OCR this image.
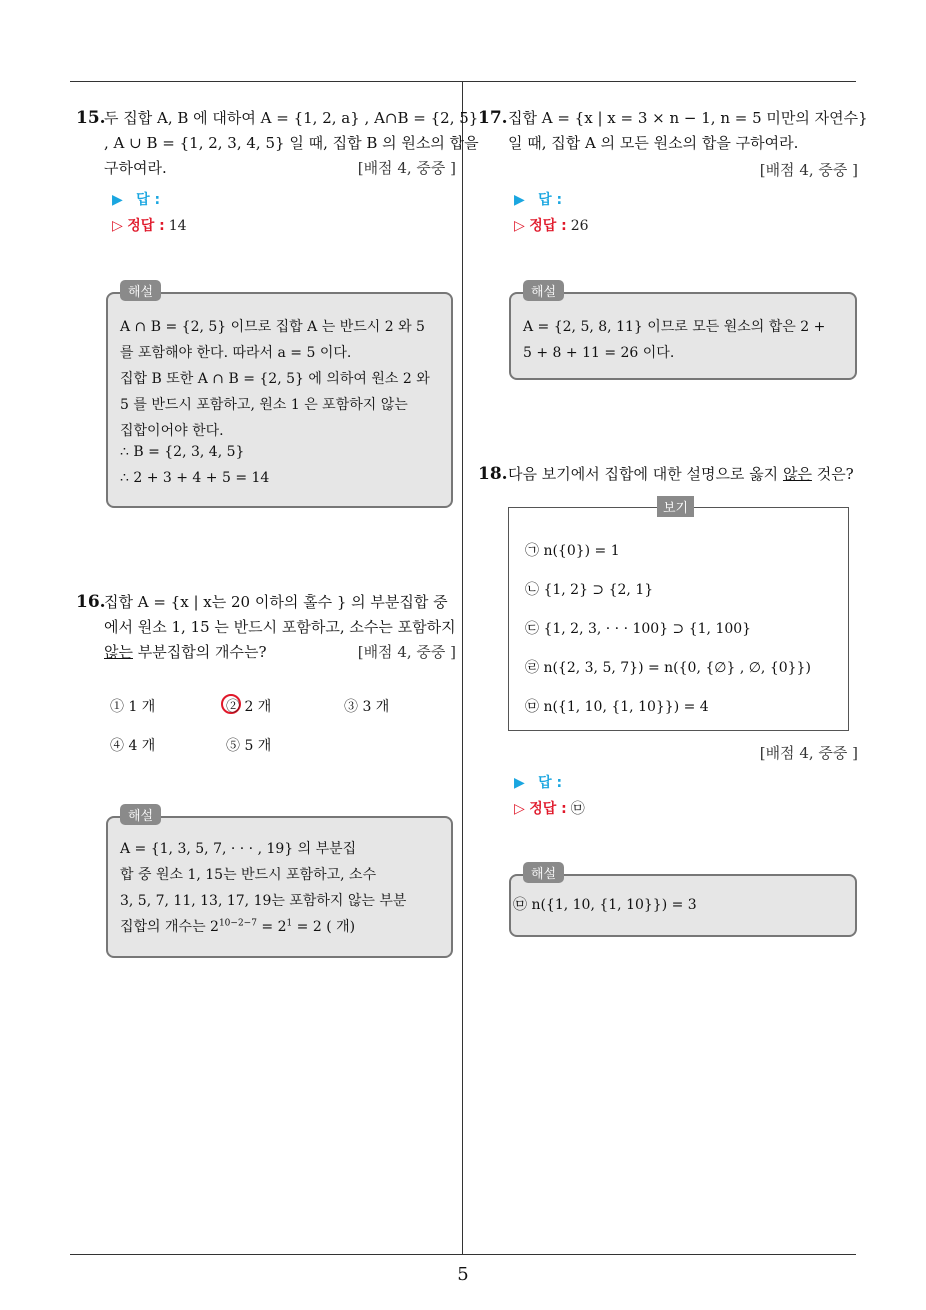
5
15.
두 집합 A, B 에 대하여 A = {1, 2, a} , A∩B = {2, 5}
, A ∪ B = {1, 2, 3, 4, 5} 일 때, 집합 B 의 원소의 합을
구하여라.	[배점 4, 중중 ]
▶ 답 :
▷ 정답 : 14
해설
A ∩ B = {2, 5} 이므로 집합 A 는 반드시 2 와 5
를 포함해야 한다. 따라서 a = 5 이다.
집합 B 또한 A ∩ B = {2, 5} 에 의하여 원소 2 와
5 를 반드시 포함하고, 원소 1 은 포함하지 않는
집합이어야 한다.
∴ B = {2, 3, 4, 5}
∴ 2 + 3 + 4 + 5 = 14
16.
집합 A = {x | x는 20 이하의 홀수 } 의 부분집합 중
에서 원소 1, 15 는 반드시 포함하고, 소수는 포함하지
않는 부분집합의 개수는?	[배점 4, 중중 ]
① 1 개	② 2 개	③ 3 개
④ 4 개	⑤ 5 개
해설
A = {1, 3, 5, 7, · · · , 19} 의 부분집
합 중 원소 1, 15는 반드시 포함하고, 소수
3, 5, 7, 11, 13, 17, 19는 포함하지 않는 부분
집합의 개수는 $2^{10-2-7} = 2^1 = 2$ ( 개)
17. 집합 A = {x | x = 3 × n − 1, n = 5 미만의 자연수}
일 때, 집합 A 의 모든 원소의 합을 구하여라.
[배점 4, 중중 ]
▶ 답 :
▷ 정답 : 26
해설
A = {2, 5, 8, 11} 이므로 모든 원소의 합은 2 +
5 + 8 + 11 = 26 이다.
18. 다음 보기에서 집합에 대한 설명으로 옳지 않은 것은?
보기
㉠ n({0}) = 1
㉡ {1, 2} ⊃ {2, 1}
㉢ {1, 2, 3, · · · 100} ⊃ {1, 100}
㉣ n({2, 3, 5, 7}) = n({0, {∅} , ∅, {0}})
㉤ n({1, 10, {1, 10}}) = 4
[배점 4, 중중 ]
▶ 답 :
▷ 정답 : ㉤
해설
㉤ n({1, 10, {1, 10}}) = 3
